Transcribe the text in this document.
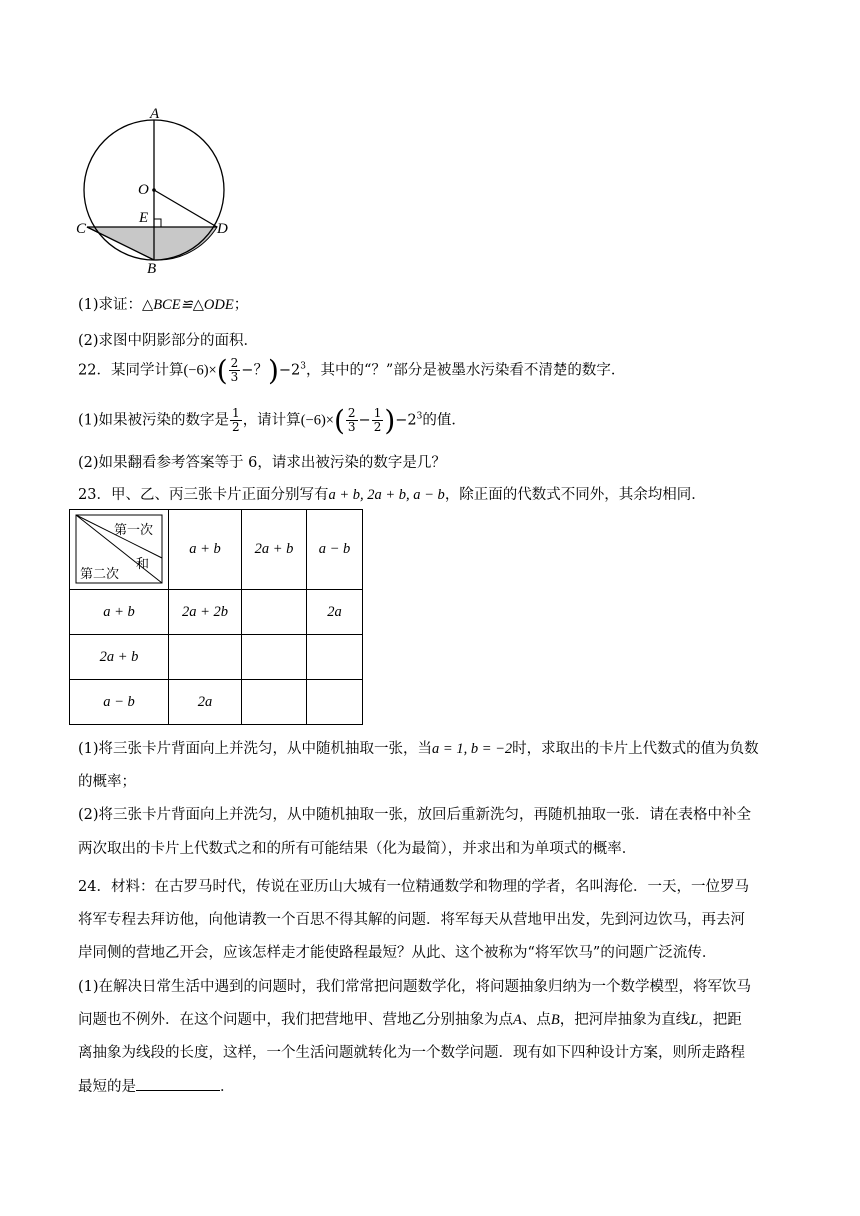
A
O
E
C	D
B
(1)求证：△BCE≌△ODE；
(2)求图中阴影部分的面积．
22．某同学计算$(-6)\times( \frac{2}{3}$ −？)$-2^3$，其中的“？”部分是被墨水污染看不清楚的数字．
(1)如果被污染的数字是 $\frac{1}{2}$ ，请计算$(-6)\times( \frac{2}{3} - \frac{1}{2} )-2^3$的值．
(2)如果翻看参考答案等于 6，请求出被污染的数字是几？
23．甲、乙、丙三张卡片正面分别写有a + b, 2a + b, a − b，除正面的代数式不同外，其余均相同．
第一次
和
第二次	a + b	2a + b	a − b
a + b	2a + 2b		2a
2a + b			
a − b	2a		
(1)将三张卡片背面向上并洗匀，从中随机抽取一张，当a = 1, b = −2时，求取出的卡片上代数式的值为负数
的概率；
(2)将三张卡片背面向上并洗匀，从中随机抽取一张，放回后重新洗匀，再随机抽取一张．请在表格中补全
两次取出的卡片上代数式之和的所有可能结果（化为最简），并求出和为单项式的概率．
24．材料：在古罗马时代，传说在亚历山大城有一位精通数学和物理的学者，名叫海伦．一天，一位罗马
将军专程去拜访他，向他请教一个百思不得其解的问题．将军每天从营地甲出发，先到河边饮马，再去河
岸同侧的营地乙开会，应该怎样走才能使路程最短？从此、这个被称为“将军饮马”的问题广泛流传．
(1)在解决日常生活中遇到的问题时，我们常常把问题数学化，将问题抽象归纳为一个数学模型，将军饮马
问题也不例外．在这个问题中，我们把营地甲、营地乙分别抽象为点A、点B，把河岸抽象为直线L，把距
离抽象为线段的长度，这样，一个生活问题就转化为一个数学问题．现有如下四种设计方案，则所走路程
最短的是	．
